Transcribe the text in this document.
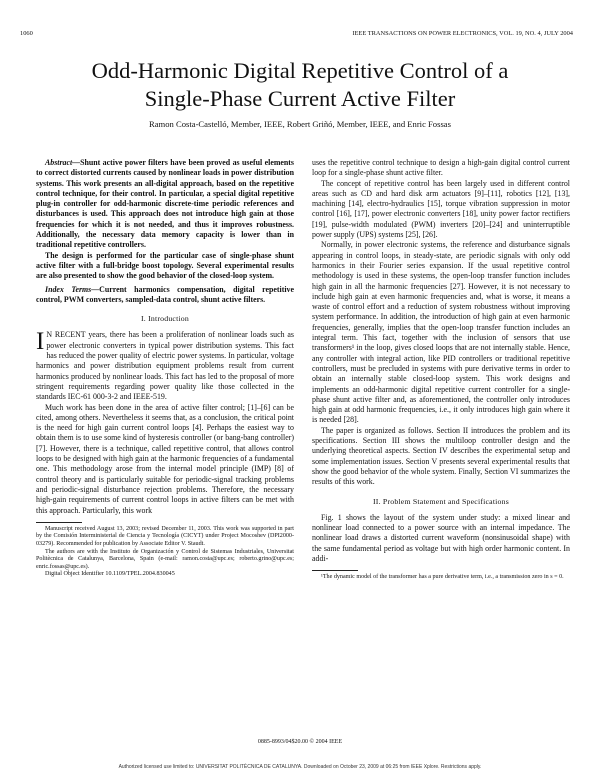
1060	IEEE TRANSACTIONS ON POWER ELECTRONICS, VOL. 19, NO. 4, JULY 2004
Odd-Harmonic Digital Repetitive Control of a
Single-Phase Current Active Filter
Ramon Costa-Castelló, Member, IEEE, Robert Griñó, Member, IEEE, and Enric Fossas

Abstract—Shunt active power filters have been proved as useful elements to correct distorted currents caused by nonlinear loads in power distribution systems. This work presents an all-digital approach, based on the repetitive control technique, for their control. In particular, a special digital repetitive plug-in controller for odd-harmonic discrete-time periodic references and disturbances is used. This approach does not introduce high gain at those frequencies for which it is not needed, and thus it improves robustness. Additionally, the necessary data memory capacity is lower than in traditional repetitive controllers.

The design is performed for the particular case of single-phase shunt active filter with a full-bridge boost topology. Several experimental results are also presented to show the good behavior of the closed-loop system.

Index Terms—Current harmonics compensation, digital repetitive control, PWM converters, sampled-data control, shunt active filters.

I. Introduction

I N RECENT years, there has been a proliferation of nonlinear loads such as power electronic converters in typical power distribution systems. This fact has reduced the power quality of electric power systems. In particular, voltage harmonics and power distribution equipment problems result from current harmonics produced by nonlinear loads. This fact has led to the proposal of more stringent requirements regarding power quality like those collected in the standards IEC-61 000-3-2 and IEEE-519.

Much work has been done in the area of active filter control; [1]–[6] can be cited, among others. Nevertheless it seems that, as a conclusion, the critical point is the need for high gain current control loops [4]. Perhaps the easiest way to obtain them is to use some kind of hysteresis controller (or bang-bang controller) [7]. However, there is a technique, called repetitive control, that allows control loops to be designed with high gain at the harmonic frequencies of a fundamental one. This methodology arose from the internal model principle (IMP) [8] of control theory and is particularly suitable for periodic-signal tracking problems and periodic-signal disturbance rejection problems. Therefore, the necessary high-gain requirements of current control loops in active filters can be met with this approach. Particularly, this work

Manuscript received August 13, 2003; revised December 11, 2003. This work was supported in part by the Comisión Interministerial de Ciencia y Tecnología (CICYT) under Project Mocoshev (DPI2000-03279). Recommended for publication by Associate Editor V. Staudt.

The authors are with the Instituto de Organización y Control de Sistemas Industriales, Universitat Politècnica de Catalunya, Barcelona, Spain (e-mail: ramon.costa@upc.es; roberto.grino@upc.es; enric.fossas@upc.es).

Digital Object Identifier 10.1109/TPEL.2004.830045

uses the repetitive control technique to design a high-gain digital control current loop for a single-phase shunt active filter.

The concept of repetitive control has been largely used in different control areas such as CD and hard disk arm actuators [9]–[11], robotics [12], [13], machining [14], electro-hydraulics [15], torque vibration suppression in motor control [16], [17], power electronic converters [18], unity power factor rectifiers [19], pulse-width modulated (PWM) inverters [20]–[24] and uninterruptible power supply (UPS) systems [25], [26].

Normally, in power electronic systems, the reference and disturbance signals appearing in control loops, in steady-state, are periodic signals with only odd harmonics in their Fourier series expansion. If the usual repetitive control methodology is used in these systems, the open-loop transfer function includes high gain in all the harmonic frequencies [27]. However, it is not necessary to include high gain at even harmonic frequencies and, what is worse, it means a waste of control effort and a reduction of system robustness without improving system performance. In addition, the introduction of high gain at even harmonic frequencies, generally, implies that the open-loop transfer function includes an integral term. This fact, together with the inclusion of sensors that use transformers¹ in the loop, gives closed loops that are not internally stable. Hence, any controller with integral action, like PID controllers or traditional repetitive controllers, must be precluded in systems with pure derivative terms in order to obtain an internally stable closed-loop system. This work designs and implements an odd-harmonic digital repetitive current controller for a single-phase shunt active filter and, as aforementioned, the controller only introduces high gain at odd harmonic frequencies, i.e., it only introduces high gain where it is needed [28].

The paper is organized as follows. Section II introduces the problem and its specifications. Section III shows the multiloop controller design and the underlying theoretical aspects. Section IV describes the experimental setup and some implementation issues. Section V presents several experimental results that show the good behavior of the whole system. Finally, Section VI summarizes the results of this work.

II. Problem Statement and Specifications

Fig. 1 shows the layout of the system under study: a mixed linear and nonlinear load connected to a power source with an internal impedance. The nonlinear load draws a distorted current waveform (nonsinusoidal shape) with the same fundamental period as voltage but with high order harmonic content. In addi-

¹The dynamic model of the transformer has a pure derivative term, i.e., a transmission zero in s = 0.

0885-8993/04$20.00 © 2004 IEEE
Authorized licensed use limited to: UNIVERSITAT POLITÈCNICA DE CATALUNYA. Downloaded on October 23, 2009 at 06:25 from IEEE Xplore. Restrictions apply.
